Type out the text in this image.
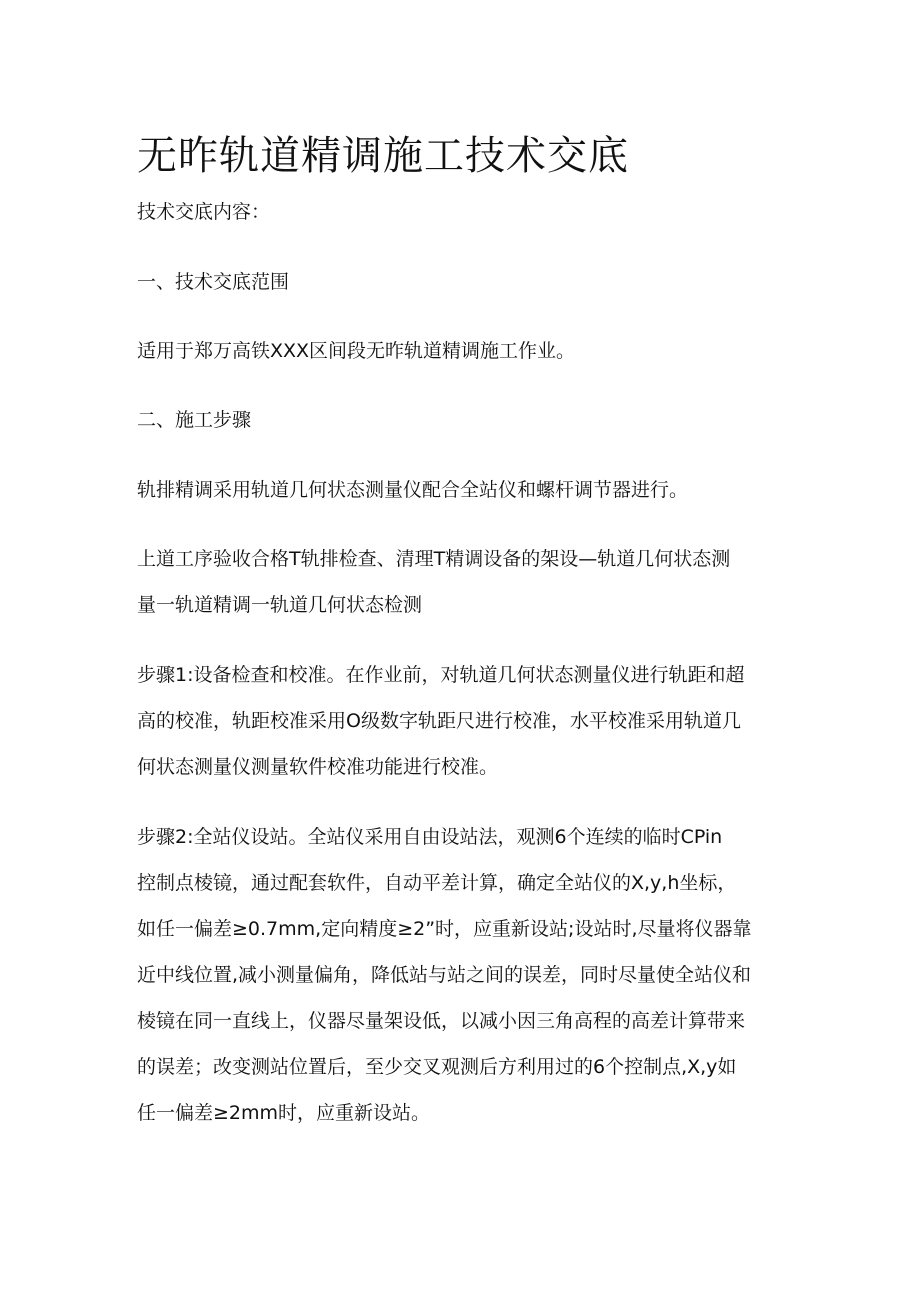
无昨轨道精调施工技术交底

技术交底内容：

一、技术交底范围

适用于郑万高铁XXX区间段无昨轨道精调施工作业。

二、施工步骤

轨排精调采用轨道几何状态测量仪配合全站仪和螺杆调节器进行。

上道工序验收合格T轨排检查、清理T精调设备的架设—轨道几何状态测
量一轨道精调一轨道几何状态检测
步骤1:设备检查和校准。在作业前，对轨道几何状态测量仪进行轨距和超
高的校准，轨距校准采用O级数字轨距尺进行校准，水平校准采用轨道几
何状态测量仪测量软件校准功能进行校准。
步骤2:全站仪设站。全站仪采用自由设站法，观测6个连续的临时CPin
控制点棱镜，通过配套软件，自动平差计算，确定全站仪的X,y,h坐标，
如任一偏差≥0.7mm,定向精度≥2”时，应重新设站;设站时,尽量将仪器靠
近中线位置,减小测量偏角，降低站与站之间的误差，同时尽量使全站仪和
棱镜在同一直线上，仪器尽量架设低，以减小因三角高程的高差计算带来
的误差；改变测站位置后，至少交叉观测后方利用过的6个控制点,X,y如
任一偏差≥2mm时，应重新设站。
